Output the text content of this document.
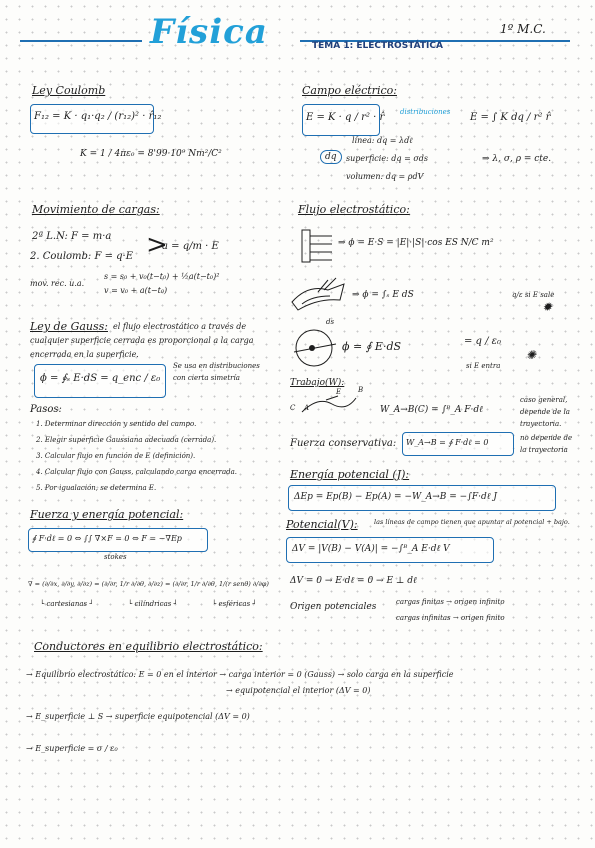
Física	TEMA 1: ELECTROSTÁTICA
1º M.C.
Ley Coulomb
F₁₂ = K · q₁·q₂ / (r₁₂)² · r̂₁₂
K = 1 / 4πε₀ = 8'99·10⁹ Nm²/C²
Movimiento de cargas:
2ª L.N: F = m·a
2. Coulomb: F = q·E >
a = q/m · E
mov. rec. u.a.
s = s₀ + v₀(t−t₀) + ½a(t−t₀)²
v = v₀ + a(t−t₀)
Ley de Gauss: el flujo electrostático a través de
cualquier superficie cerrada es proporcional a la carga
encerrada en la superficie.
ϕ = ∮ₛ E·dS = q_enc / ε₀
Se usa en distribuciones
con cierta simetría
Pasos:
1. Determinar dirección y sentido del campo.
2. Elegir superficie Gaussiana adecuada (cerrada).
3. Calcular flujo en función de E (definición).
4. Calcular flujo con Gauss, calculando carga encerrada.
5. Por igualación, se determina E.
Fuerza y energía potencial:
∮ F·dℓ = 0 ⇔ ∫∫ ∇×F = 0 ⇔ F = −∇Ep
stokes
∇ = (∂/∂x, ∂/∂y, ∂/∂z) = (∂/∂r, 1/r ∂/∂θ, ∂/∂z) = (∂/∂r, 1/r ∂/∂θ, 1/(r senθ) ∂/∂φ)
└ cartesianas ┘	└ cilíndricas ┘	└ esféricas ┘
Campo eléctrico:
E = K · q / r² · r̂ distribuciones E = ∫ K dq / r² r̂
dq
línea: dq = λdℓ
superficie: dq = σds
volumen: dq = ρdV
⇒ λ, σ, ρ = cte.
Flujo electrostático:
⇒ ϕ = E·S = |E|·|S|·cos ES N/C m²
⇒ ϕ = ∫ₛ E dS
ds
ϕ = ∮ E·dS	= q / ε₀
q/ε si E sale
si E entra
✹
✺
Trabajo(W):
C A
E B
W_A→B(C) = ∫ᴮ_A F·dℓ
caso general,
depende de la
trayectoria.
Fuerza conservativa: W_A→B = ∮ F·dℓ = 0	no depende de
la trayectoria
Energía potencial (J):
ΔEp = Ep(B) − Ep(A) = −W_A→B = −∫F·dℓ J
Potencial(V):	las líneas de campo tienen que apuntar al potencial + bajo.
ΔV = |V(B) − V(A)| = −∫ᴮ_A E·dℓ V
ΔV = 0 → E·dℓ = 0 → E ⊥ dℓ
Origen potenciales	cargas finitas → origen infinito
cargas infinitas → origen finito
Conductores en equilibrio electrostático:
→ Equilibrio electrostático: E = 0 en el interior → carga interior = 0 (Gauss) → solo carga en la superficie
→ equipotencial el interior (ΔV = 0)
→ E_superficie ⊥ S → superficie equipotencial (ΔV = 0)
→ E_superficie = σ / ε₀
